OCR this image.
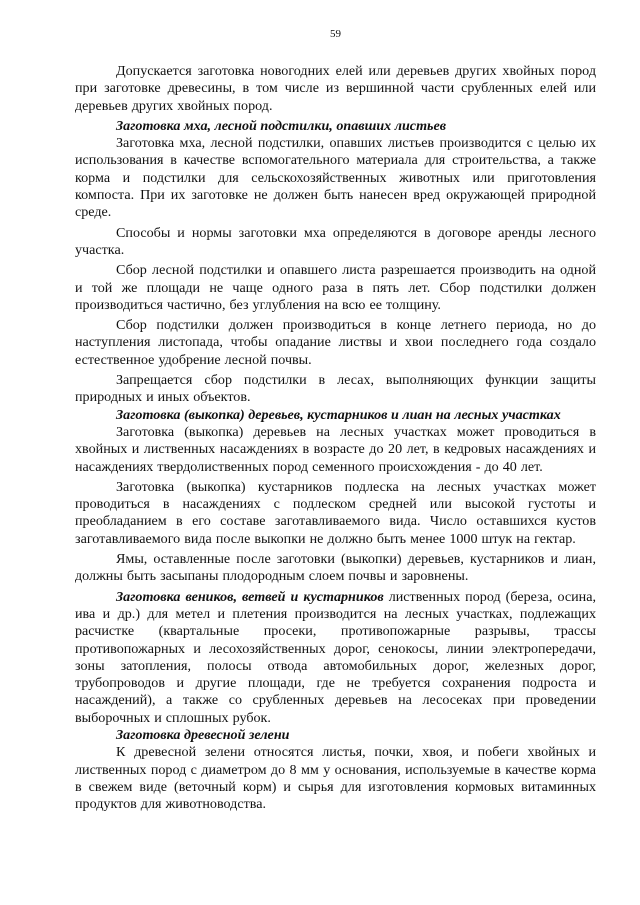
59

Допускается заготовка новогодних елей или деревьев других хвойных пород при заготовке древесины, в том числе из вершинной части срубленных елей или деревьев других хвойных пород.

Заготовка мха, лесной подстилки, опавших листьев

Заготовка мха, лесной подстилки, опавших листьев производится с целью их использования в качестве вспомогательного материала для строительства, а также корма и подстилки для сельскохозяйственных животных или приготовления компоста. При их заготовке не должен быть нанесен вред окружающей природной среде.

Способы и нормы заготовки мха определяются в договоре аренды лесного участка.

Сбор лесной подстилки и опавшего листа разрешается производить на одной и той же площади не чаще одного раза в пять лет. Сбор подстилки должен производиться частично, без углубления на всю ее толщину.

Сбор подстилки должен производиться в конце летнего периода, но до наступления листопада, чтобы опадание листвы и хвои последнего года создало естественное удобрение лесной почвы.

Запрещается сбор подстилки в лесах, выполняющих функции защиты природных и иных объектов.

Заготовка (выкопка) деревьев, кустарников и лиан на лесных участках

Заготовка (выкопка) деревьев на лесных участках может проводиться в хвойных и лиственных насаждениях в возрасте до 20 лет, в кедровых насаждениях и насаждениях твердолиственных пород семенного происхождения - до 40 лет.

Заготовка (выкопка) кустарников подлеска на лесных участках может проводиться в насаждениях с подлеском средней или высокой густоты и преобладанием в его составе заготавливаемого вида. Число оставшихся кустов заготавливаемого вида после выкопки не должно быть менее 1000 штук на гектар.

Ямы, оставленные после заготовки (выкопки) деревьев, кустарников и лиан, должны быть засыпаны плодородным слоем почвы и заровнены.

Заготовка веников, ветвей и кустарников лиственных пород (береза, осина, ива и др.) для метел и плетения производится на лесных участках, подлежащих расчистке (квартальные просеки, противопожарные разрывы, трассы противопожарных и лесохозяйственных дорог, сенокосы, линии электропередачи, зоны затопления, полосы отвода автомобильных дорог, железных дорог, трубопроводов и другие площади, где не требуется сохранения подроста и насаждений), а также со срубленных деревьев на лесосеках при проведении выборочных и сплошных рубок.

Заготовка древесной зелени

К древесной зелени относятся листья, почки, хвоя, и побеги хвойных и лиственных пород с диаметром до 8 мм у основания, используемые в качестве корма в свежем виде (веточный корм) и сырья для изготовления кормовых витаминных продуктов для животноводства.
